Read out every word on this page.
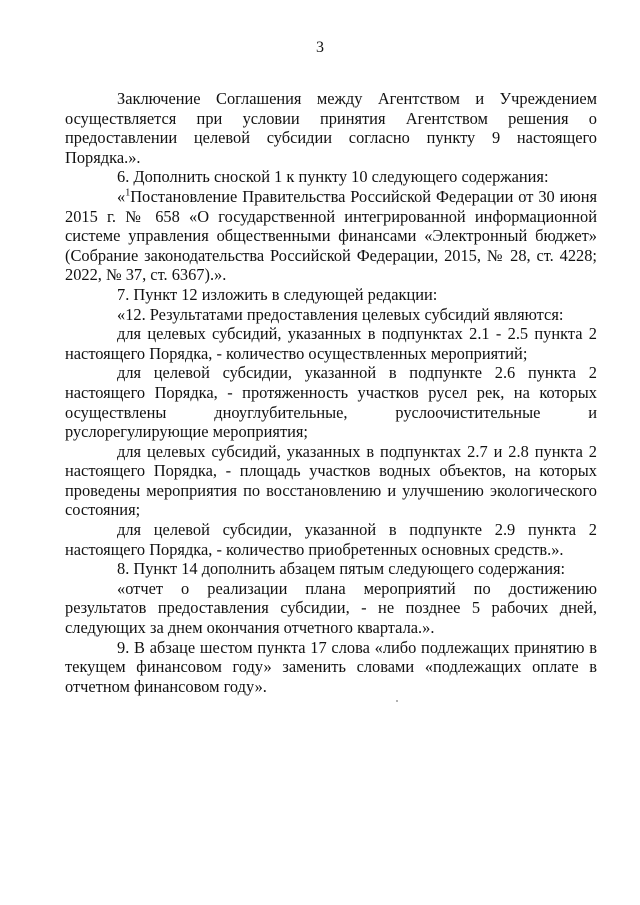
3

Заключение Соглашения между Агентством и Учреждением осуществляется при условии принятия Агентством решения о предоставлении целевой субсидии согласно пункту 9 настоящего Порядка.».

6. Дополнить сноской 1 к пункту 10 следующего содержания:

«$^1$Постановление Правительства Российской Федерации от 30 июня 2015 г. № 658 «О государственной интегрированной информационной системе управления общественными финансами «Электронный бюджет» (Собрание законодательства Российской Федерации, 2015, № 28, ст. 4228; 2022, № 37, ст. 6367).».

7. Пункт 12 изложить в следующей редакции:

«12. Результатами предоставления целевых субсидий являются:

для целевых субсидий, указанных в подпунктах 2.1 - 2.5 пункта 2 настоящего Порядка, - количество осуществленных мероприятий;

для целевой субсидии, указанной в подпункте 2.6 пункта 2 настоящего Порядка, - протяженность участков русел рек, на которых осуществлены дноуглубительные, руслоочистительные и руслорегулирующие мероприятия;

для целевых субсидий, указанных в подпунктах 2.7 и 2.8 пункта 2 настоящего Порядка, - площадь участков водных объектов, на которых проведены мероприятия по восстановлению и улучшению экологического состояния;

для целевой субсидии, указанной в подпункте 2.9 пункта 2 настоящего Порядка, - количество приобретенных основных средств.».

8. Пункт 14 дополнить абзацем пятым следующего содержания:

«отчет о реализации плана мероприятий по достижению результатов предоставления субсидии, - не позднее 5 рабочих дней, следующих за днем окончания отчетного квартала.».

9. В абзаце шестом пункта 17 слова «либо подлежащих принятию в текущем финансовом году» заменить словами «подлежащих оплате в отчетном финансовом году».
